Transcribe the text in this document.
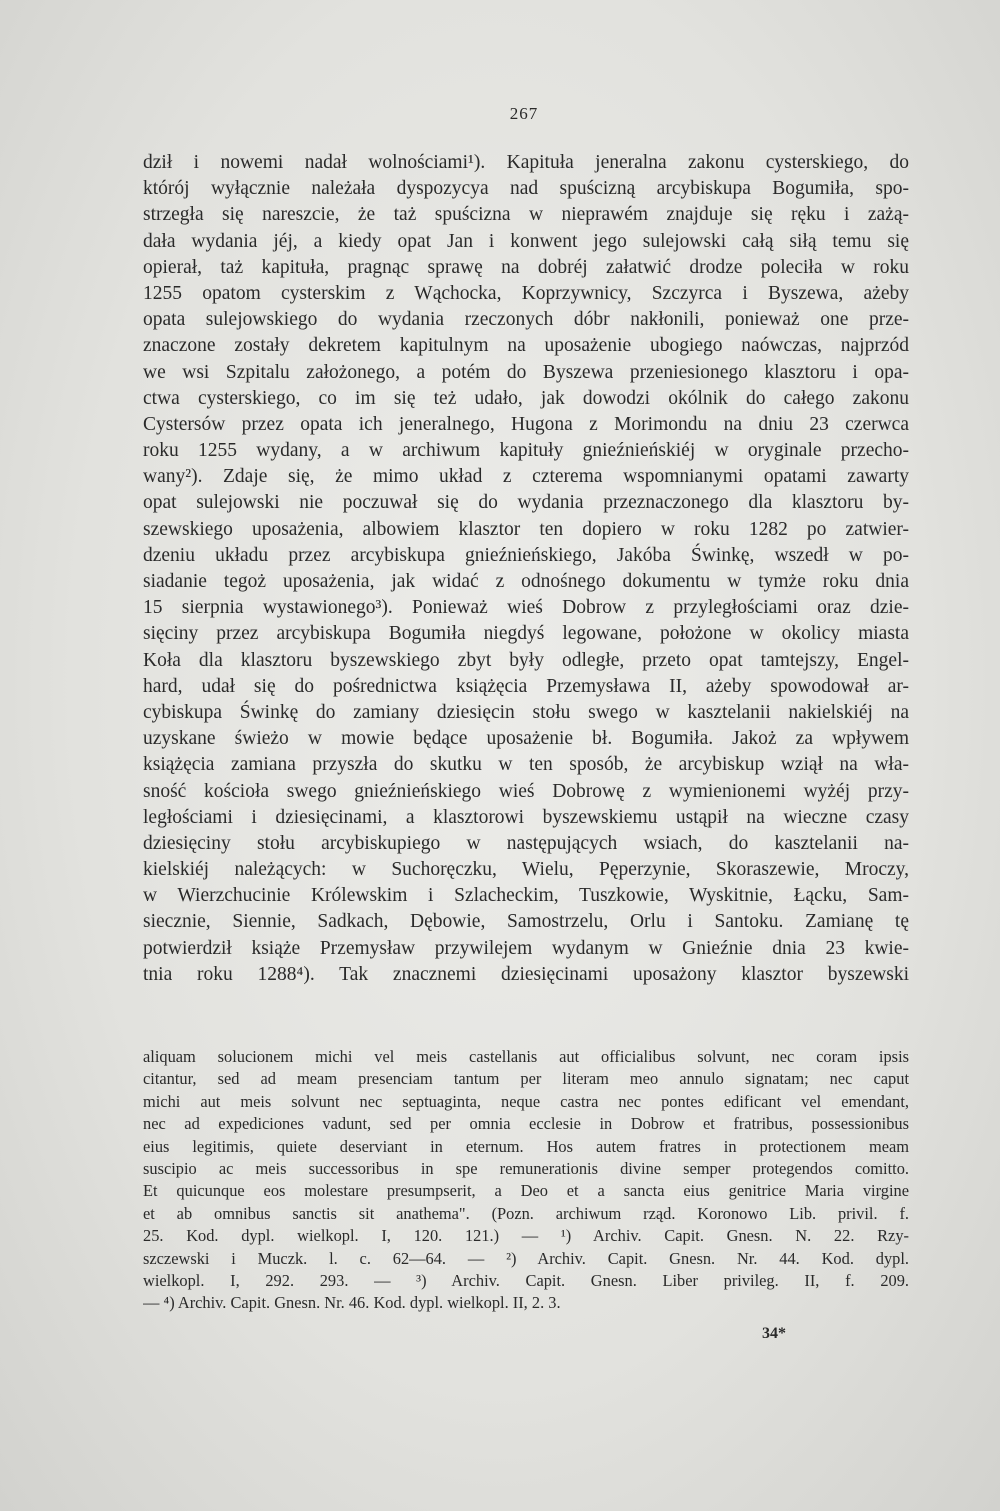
267
dził i nowemi nadał wolnościami¹). Kapituła jeneralna zakonu cysterskiego, do
którój wyłącznie należała dyspozycya nad spuścizną arcybiskupa Bogumiła, spo-
strzegła się nareszcie, że taż spuścizna w nieprawém znajduje się ręku i zażą-
dała wydania jéj, a kiedy opat Jan i konwent jego sulejowski całą siłą temu się
opierał, taż kapituła, pragnąc sprawę na dobréj załatwić drodze poleciła w roku
1255 opatom cysterskim z Wąchocka, Koprzywnicy, Szczyrca i Byszewa, ażeby
opata sulejowskiego do wydania rzeczonych dóbr nakłonili, ponieważ one prze-
znaczone zostały dekretem kapitulnym na uposażenie ubogiego naówczas, najprzód
we wsi Szpitalu założonego, a potém do Byszewa przeniesionego klasztoru i opa-
ctwa cysterskiego, co im się też udało, jak dowodzi okólnik do całego zakonu
Cystersów przez opata ich jeneralnego, Hugona z Morimondu na dniu 23 czerwca
roku 1255 wydany, a w archiwum kapituły gnieźnieńskiéj w oryginale przecho-
wany²). Zdaje się, że mimo układ z czterema wspomnianymi opatami zawarty
opat sulejowski nie poczuwał się do wydania przeznaczonego dla klasztoru by-
szewskiego uposażenia, albowiem klasztor ten dopiero w roku 1282 po zatwier-
dzeniu układu przez arcybiskupa gnieźnieńskiego, Jakóba Świnkę, wszedł w po-
siadanie tegoż uposażenia, jak widać z odnośnego dokumentu w tymże roku dnia
15 sierpnia wystawionego³). Ponieważ wieś Dobrow z przyległościami oraz dzie-
sięciny przez arcybiskupa Bogumiła niegdyś legowane, położone w okolicy miasta
Koła dla klasztoru byszewskiego zbyt były odległe, przeto opat tamtejszy, Engel-
hard, udał się do pośrednictwa książęcia Przemysława II, ażeby spowodował ar-
cybiskupa Świnkę do zamiany dziesięcin stołu swego w kasztelanii nakielskiéj na
uzyskane świeżo w mowie będące uposażenie bł. Bogumiła. Jakoż za wpływem
książęcia zamiana przyszła do skutku w ten sposób, że arcybiskup wziął na wła-
sność kościoła swego gnieźnieńskiego wieś Dobrowę z wymienionemi wyżéj przy-
ległościami i dziesięcinami, a klasztorowi byszewskiemu ustąpił na wieczne czasy
dziesięciny stołu arcybiskupiego w następujących wsiach, do kasztelanii na-
kielskiéj należących: w Suchoręczku, Wielu, Pęperzynie, Skoraszewie, Mroczy,
w Wierzchucinie Królewskim i Szlacheckim, Tuszkowie, Wyskitnie, Łącku, Sam-
siecznie, Siennie, Sadkach, Dębowie, Samostrzelu, Orlu i Santoku. Zamianę tę
potwierdził książe Przemysław przywilejem wydanym w Gnieźnie dnia 23 kwie-
tnia roku 1288⁴). Tak znacznemi dziesięcinami uposażony klasztor byszewski
aliquam solucionem michi vel meis castellanis aut officialibus solvunt, nec coram ipsis
citantur, sed ad meam presenciam tantum per literam meo annulo signatam; nec caput
michi aut meis solvunt nec septuaginta, neque castra nec pontes edificant vel emendant,
nec ad expediciones vadunt, sed per omnia ecclesie in Dobrow et fratribus, possessionibus
eius legitimis, quiete deserviant in eternum. Hos autem fratres in protectionem meam
suscipio ac meis successoribus in spe remunerationis divine semper protegendos comitto.
Et quicunque eos molestare presumpserit, a Deo et a sancta eius genitrice Maria virgine
et ab omnibus sanctis sit anathema". (Pozn. archiwum rząd. Koronowo Lib. privil. f.
25. Kod. dypl. wielkopl. I, 120. 121.) — ¹) Archiv. Capit. Gnesn. N. 22. Rzy-
szczewski i Muczk. l. c. 62—64. — ²) Archiv. Capit. Gnesn. Nr. 44. Kod. dypl.
wielkopl. I, 292. 293. — ³) Archiv. Capit. Gnesn. Liber privileg. II, f. 209.
— ⁴) Archiv. Capit. Gnesn. Nr. 46. Kod. dypl. wielkopl. II, 2. 3.
34*
